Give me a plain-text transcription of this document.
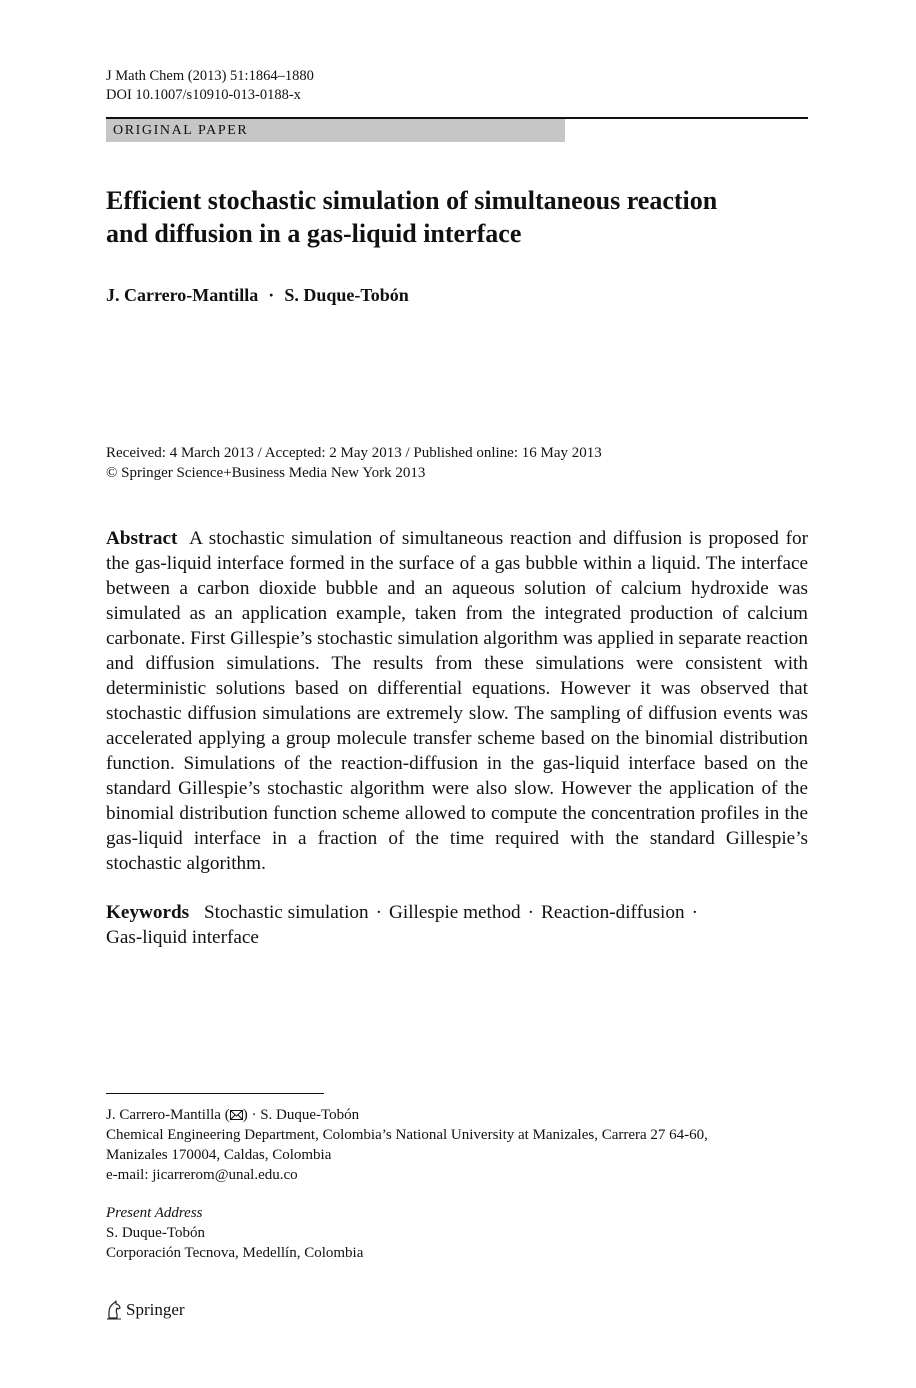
J Math Chem (2013) 51:1864–1880
DOI 10.1007/s10910-013-0188-x
ORIGINAL PAPER
Efficient stochastic simulation of simultaneous reaction
and diffusion in a gas-liquid interface
J. Carrero-Mantilla · S. Duque-Tobón
Received: 4 March 2013 / Accepted: 2 May 2013 / Published online: 16 May 2013
© Springer Science+Business Media New York 2013

Abstract A stochastic simulation of simultaneous reaction and diffusion is proposed for the gas-liquid interface formed in the surface of a gas bubble within a liquid. The interface between a carbon dioxide bubble and an aqueous solution of calcium hydroxide was simulated as an application example, taken from the integrated production of calcium carbonate. First Gillespie’s stochastic simulation algorithm was applied in separate reaction and diffusion simulations. The results from these simulations were consistent with deterministic solutions based on differential equations. However it was observed that stochastic diffusion simulations are extremely slow. The sampling of diffusion events was accelerated applying a group molecule transfer scheme based on the binomial distribution function. Simulations of the reaction-diffusion in the gas-liquid interface based on the standard Gillespie’s stochastic algorithm were also slow. However the application of the binomial distribution function scheme allowed to compute the concentration profiles in the gas-liquid interface in a fraction of the time required with the standard Gillespie’s stochastic algorithm.

Keywords Stochastic simulation · Gillespie method · Reaction-diffusion ·
Gas-liquid interface

J. Carrero-Mantilla ( ) · S. Duque-Tobón

Chemical Engineering Department, Colombia’s National University at Manizales, Carrera 27 64-60,

Manizales 170004, Caldas, Colombia

e-mail: jicarrerom@unal.edu.co

Present Address

S. Duque-Tobón

Corporación Tecnova, Medellín, Colombia

Springer
